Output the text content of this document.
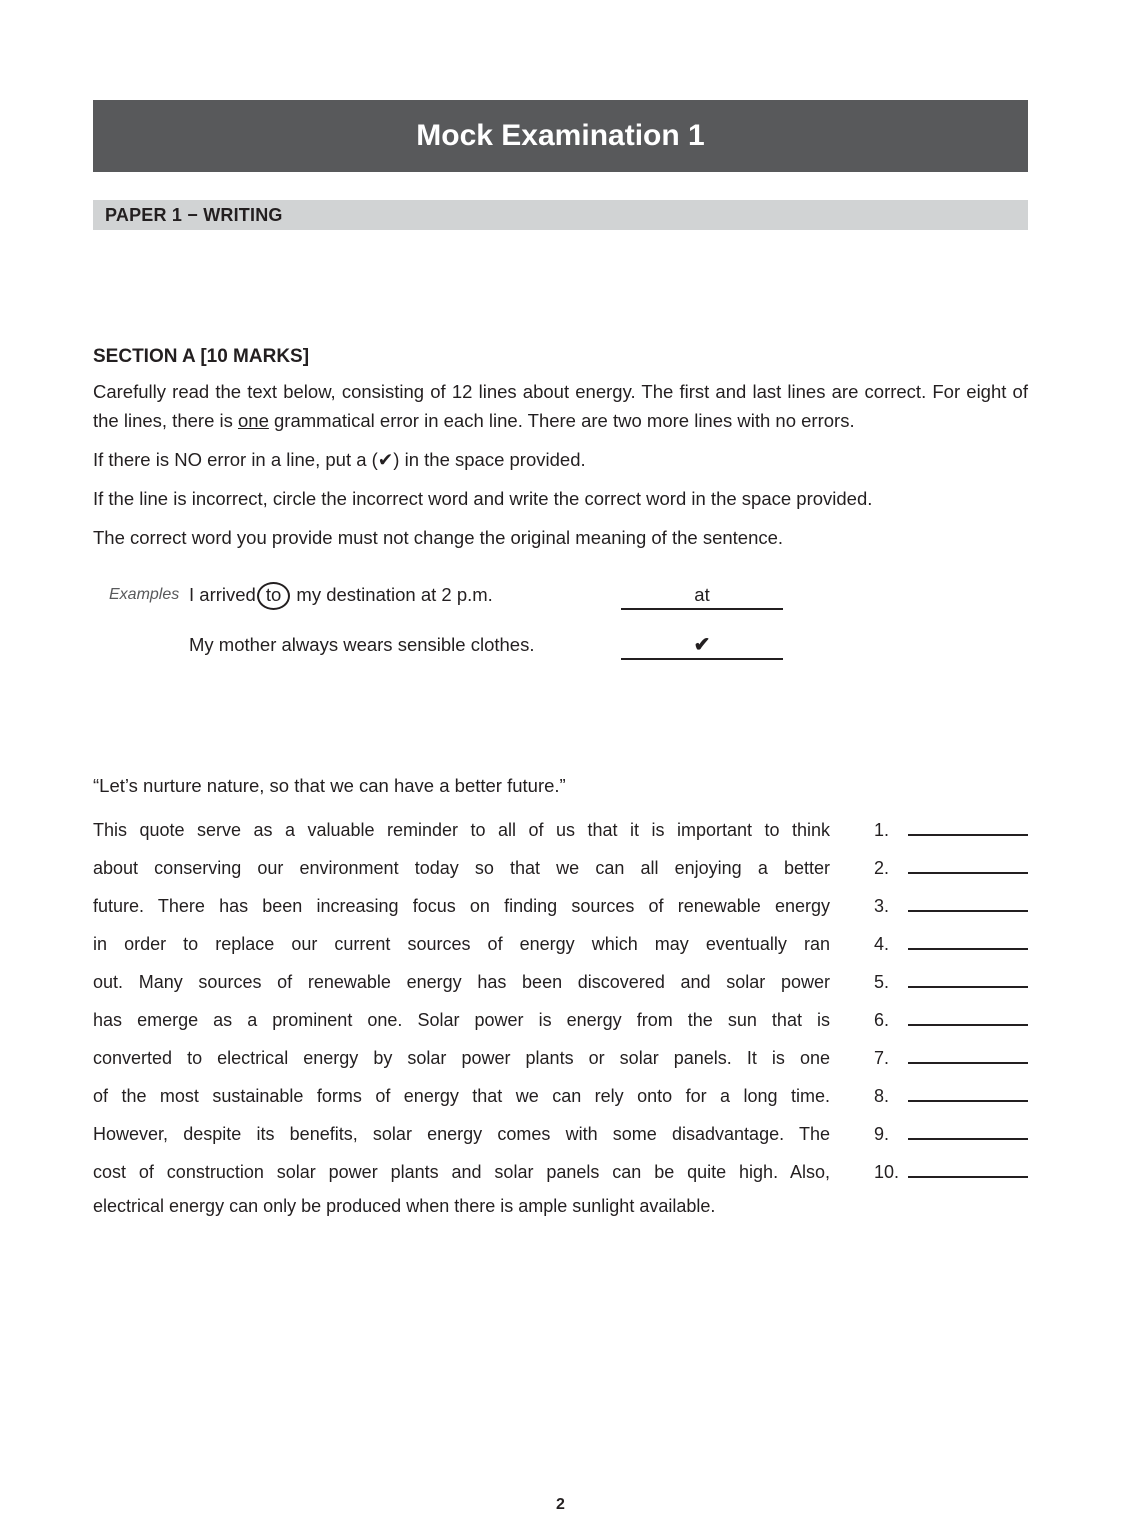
Mock Examination 1
PAPER 1 − WRITING
SECTION A [10 MARKS]

Carefully read the text below, consisting of 12 lines about energy. The first and last lines are correct. For eight of the lines, there is one grammatical error in each line. There are two more lines with no errors.

If there is NO error in a line, put a (✔) in the space provided.

If the line is incorrect, circle the incorrect word and write the correct word in the space provided.

The correct word you provide must not change the original meaning of the sentence.

Examples I arrived to my destination at 2 p.m.	at
My mother always wears sensible clothes.	✔

“Let’s nurture nature, so that we can have a better future.”

This quote serve as a valuable reminder to all of us that it is important to think 1.
about conserving our environment today so that we can all enjoying a better 2.
future. There has been increasing focus on finding sources of renewable energy 3.
in order to replace our current sources of energy which may eventually ran 4.
out. Many sources of renewable energy has been discovered and solar power 5.
has emerge as a prominent one. Solar power is energy from the sun that is 6.
converted to electrical energy by solar power plants or solar panels. It is one 7.
of the most sustainable forms of energy that we can rely onto for a long time. 8.
However, despite its benefits, solar energy comes with some disadvantage. The 9.
cost of construction solar power plants and solar panels can be quite high. Also, 10.
electrical energy can only be produced when there is ample sunlight available.
2
